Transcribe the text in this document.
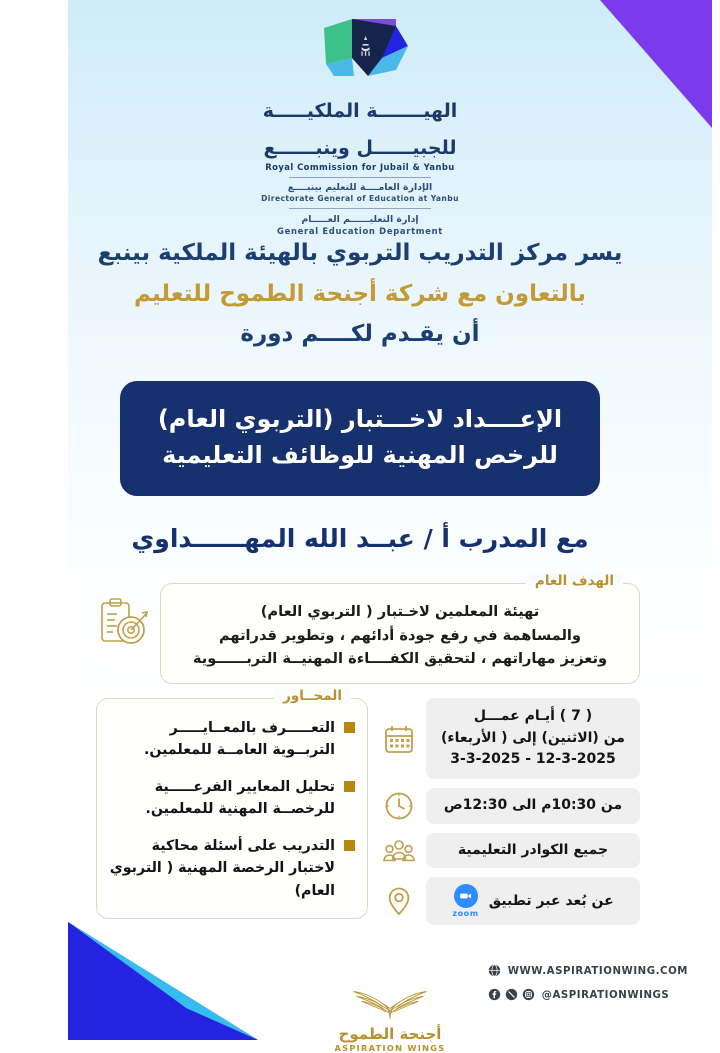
الهيـــــــة الملكيـــــة
للجبيــــــل وينبــــــع
Royal Commission for Jubail & Yanbu
الإدارة العامــــة للتعليم بينبــــع
Directorate General of Education at Yanbu
إدارة التعليــــــم العـــــام
General Education Department
يسر مركز التدريب التربوي بالهيئة الملكية بينبع
بالتعاون مع شركة أجنحة الطموح للتعليم
أن يقـدم لكــــم دورة
الإعــــداد لاخـــتبار (التربوي العام)
للرخص المهنية للوظائف التعليمية
مع المدرب أ / عبــد الله المهــــــداوي
الهدف العام
تهيئة المعلمين لاخـتبار ( التربوي العام)
والمساهمة في رفع جودة أدائهم ، وتطوير قدراتهم
وتعزيز مهاراتهم ، لتحقيق الكفــــاءة المهنيــة التربــــــوية
( 7 ) أيـام عمـــل
من (الاثنين) إلى ( الأربعاء)
3-3-2025 - 12-3-2025
من 10:30م الى 12:30ص
جميع الكوادر التعليمية
عن بُعد عبر تطبيق
zoom
المحــاور
التعـــــرف بالمعــايـــــر التربــوية العامــة للمعلمين.
تحليل المعايير الفرعـــــية للرخصــة المهنية للمعلمين.
التدريب على أسئلة محاكية لاختبار الرخصة المهنية ( التربوي العام)
أجنحة الطموح
ASPIRATION WINGS
WWW.ASPIRATIONWING.COM
@ASPIRATIONWINGS
